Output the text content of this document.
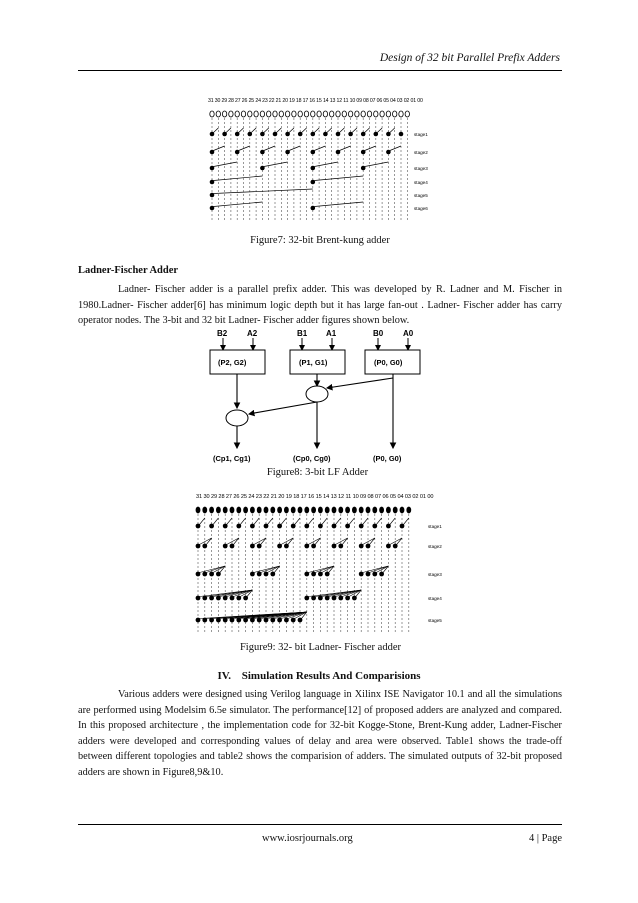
Design of 32 bit Parallel Prefix Adders
31 30 29 28 27 26 25 24 23 22 21 20 19 18 17 16 15 14 13 12 11 10 09 08 07 06 05 04 03 02 01 00
stage1
stage2
stage3
stage4
stage5
stage6
Figure7: 32-bit Brent-kung adder
Ladner-Fischer Adder
Ladner- Fischer adder is a parallel prefix adder. This was developed by R. Ladner and M. Fischer in 1980.Ladner- Fischer adder[6] has minimum logic depth but it has large fan-out . Ladner- Fischer adder has carry operator nodes. The 3-bit and 32 bit Ladner- Fischer adder figures shown below.
B2 A2	B1 A1	B0 A0
(P2, G2)	(P1, G1)	(P0, G0)
(Cp1, Cg1)	(Cp0, Cg0)	(P0, G0)
Figure8: 3-bit LF Adder
31 30 29 28 27 26 25 24 23 22 21 20 19 18 17 16 15 14 13 12 11 10 09 08 07 06 05 04 03 02 01 00
stage1
stage2
stage3
stage4
stage5
Figure9: 32- bit Ladner- Fischer adder
IV. Simulation Results And Comparisions
Various adders were designed using Verilog language in Xilinx ISE Navigator 10.1 and all the simulations are performed using Modelsim 6.5e simulator. The performance[12] of proposed adders are analyzed and compared. In this proposed architecture , the implementation code for 32-bit Kogge-Stone, Brent-Kung adder, Ladner-Fischer adders were developed and corresponding values of delay and area were observed. Table1 shows the trade-off between different topologies and table2 shows the comparision of adders. The simulated outputs of 32-bit proposed adders are shown in Figure8,9&10.
www.iosrjournals.org	4 | Page
